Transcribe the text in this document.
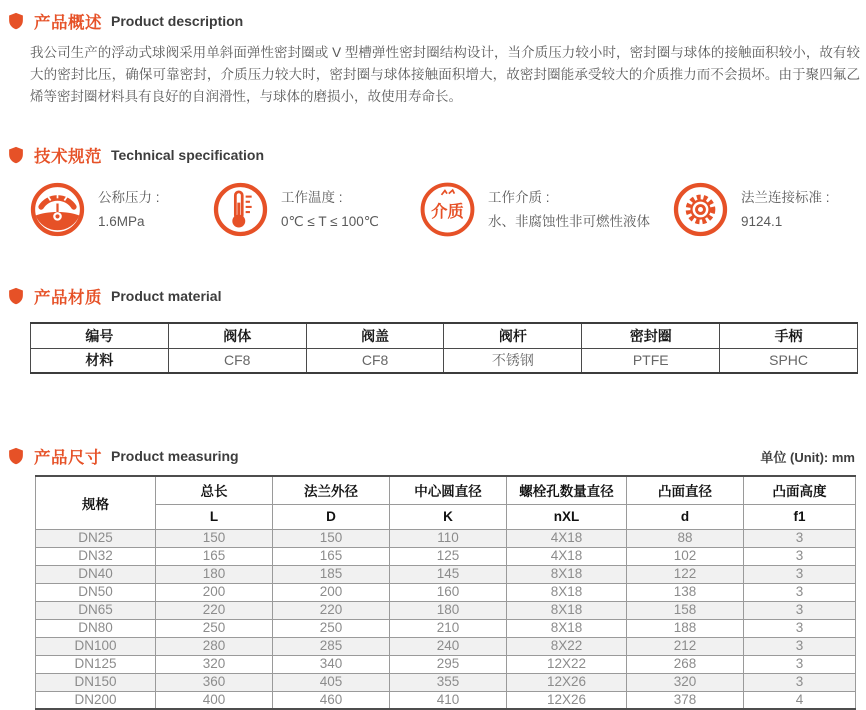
产品概述 Product description

我公司生产的浮动式球阀采用单斜面弹性密封圈或 V 型槽弹性密封圈结构设计，当介质压力较小时，密封圈与球体的接触面积较小，故有较大的密封比压，确保可靠密封，介质压力较大时，密封圈与球体接触面积增大，故密封圈能承受较大的介质推力而不会损坏。由于聚四氟乙烯等密封圈材料具有良好的自润滑性，与球体的磨损小，故使用寿命长。

技术规范 Technical specification
公称压力 :
1.6MPa
工作温度 :
0℃ ≤ T ≤ 100℃	介质
工作介质 :
水、非腐蚀性非可燃性液体
法兰连接标准 :
9124.1
产品材质 Product material
编号	阀体	阀盖	阀杆	密封圈	手柄
材料	CF8	CF8	不锈钢	PTFE	SPHC
产品尺寸 Product measuring	单位 (Unit): mm
规格	总长	法兰外径	中心圆直径	螺栓孔数量直径	凸面直径	凸面高度
	L	D	K	nXL	d	f1
DN25	150	150	110	4X18	88	3
DN32	165	165	125	4X18	102	3
DN40	180	185	145	8X18	122	3
DN50	200	200	160	8X18	138	3
DN65	220	220	180	8X18	158	3
DN80	250	250	210	8X18	188	3
DN100	280	285	240	8X22	212	3
DN125	320	340	295	12X22	268	3
DN150	360	405	355	12X26	320	3
DN200	400	460	410	12X26	378	4
